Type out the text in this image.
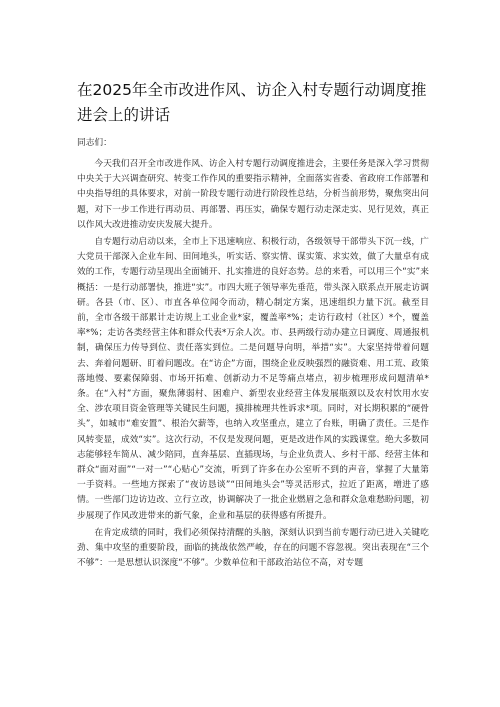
在2025年全市改进作风、访企入村专题行动调度推进会上的讲话
同志们：

今天我们召开全市改进作风、访企入村专题行动调度推进会，主要任务是深入学习贯彻中央关于大兴调查研究、转变工作作风的重要指示精神，全面落实省委、省政府工作部署和中央指导组的具体要求，对前一阶段专题行动进行阶段性总结，分析当前形势，聚焦突出问题，对下一步工作进行再动员、再部署、再压实，确保专题行动走深走实、见行见效，真正以作风大改进推动安庆发展大提升。

自专题行动启动以来，全市上下迅速响应、积极行动，各级领导干部带头下沉一线，广大党员干部深入企业车间、田间地头，听实话、察实情、谋实策、求实效，做了大量卓有成效的工作，专题行动呈现出全面铺开、扎实推进的良好态势。总的来看，可以用三个“实”来概括：一是行动部署快，推进“实”。市四大班子领导率先垂范，带头深入联系点开展走访调研。各县（市、区）、市直各单位闻令而动，精心制定方案，迅速组织力量下沉。截至目前，全市各级干部累计走访规上工业企业*家，覆盖率*%；走访行政村（社区）*个，覆盖率*%；走访各类经营主体和群众代表*万余人次。市、县两级行动办建立日调度、周通报机制，确保压力传导到位、责任落实到位。二是问题导向明，举措“实”。大家坚持带着问题去、奔着问题研、盯着问题改。在“访企”方面，围绕企业反映强烈的融资难、用工荒、政策落地慢、要素保障弱、市场开拓难、创新动力不足等痛点堵点，初步梳理形成问题清单*条。在“入村”方面，聚焦薄弱村、困难户、新型农业经营主体发展瓶颈以及农村饮用水安全、涉农项目资金管理等关键民生问题，摸排梳理共性诉求*项。同时，对长期积累的“硬骨头”，如城市“难安置”、根治欠薪等，也纳入攻坚重点，建立了台账，明确了责任。三是作风转变显，成效“实”。这次行动，不仅是发现问题，更是改进作风的实践课堂。绝大多数同志能够轻车简从、减少陪同，直奔基层、直插现场，与企业负责人、乡村干部、经营主体和群众“面对面”“一对一”“心贴心”交流，听到了许多在办公室听不到的声音，掌握了大量第一手资料。一些地方探索了“夜访恳谈”“田间地头会”等灵活形式，拉近了距离，增进了感情。一些部门边访边改、立行立改，协调解决了一批企业燃眉之急和群众急难愁盼问题，初步展现了作风改进带来的新气象，企业和基层的获得感有所提升。

在肯定成绩的同时，我们必须保持清醒的头脑，深刻认识到当前专题行动已进入关键吃劲、集中攻坚的重要阶段，面临的挑战依然严峻，存在的问题不容忽视。突出表现在“三个不够”：一是思想认识深度“不够”。少数单位和干部政治站位不高，对专题
